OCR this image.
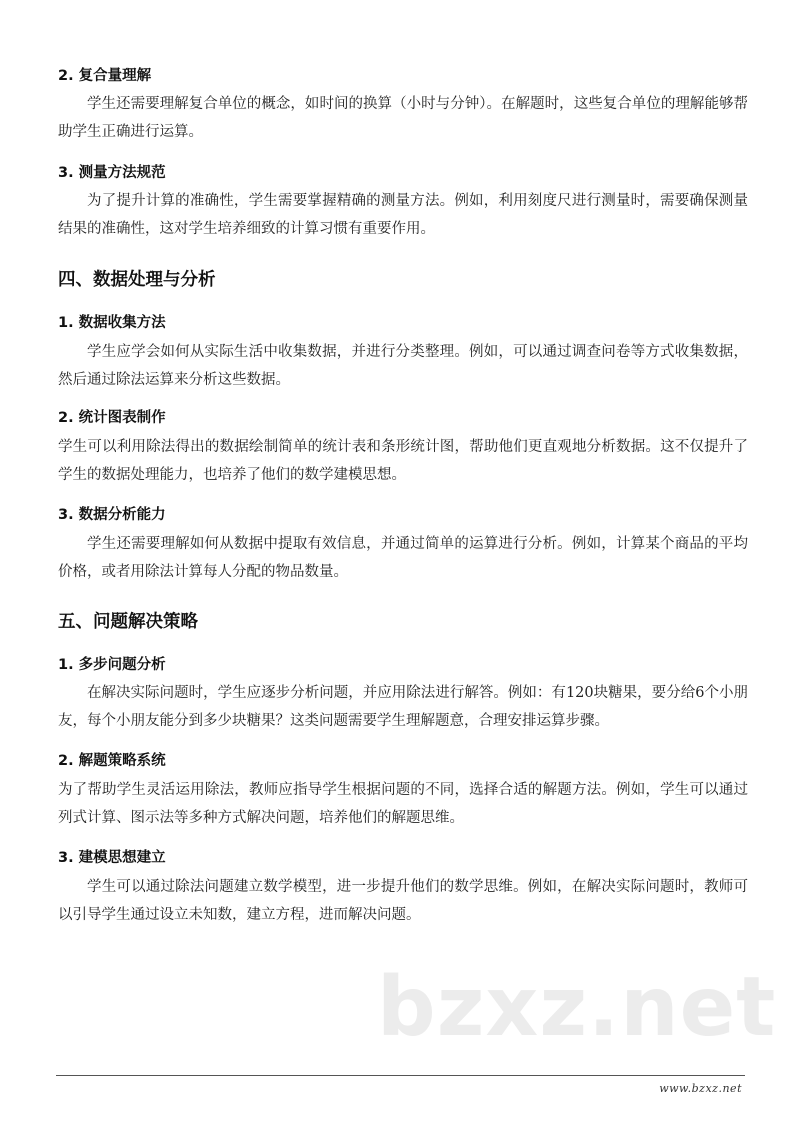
2. 复合量理解
学生还需要理解复合单位的概念，如时间的换算（小时与分钟）。在解题时，这些复合单位的理解能够帮助学生正确进行运算。
3. 测量方法规范
为了提升计算的准确性，学生需要掌握精确的测量方法。例如，利用刻度尺进行测量时，需要确保测量结果的准确性，这对学生培养细致的计算习惯有重要作用。
四、数据处理与分析
1. 数据收集方法
学生应学会如何从实际生活中收集数据，并进行分类整理。例如，可以通过调查问卷等方式收集数据，然后通过除法运算来分析这些数据。
2. 统计图表制作
学生可以利用除法得出的数据绘制简单的统计表和条形统计图，帮助他们更直观地分析数据。这不仅提升了学生的数据处理能力，也培养了他们的数学建模思想。
3. 数据分析能力
学生还需要理解如何从数据中提取有效信息，并通过简单的运算进行分析。例如，计算某个商品的平均价格，或者用除法计算每人分配的物品数量。
五、问题解决策略
1. 多步问题分析
在解决实际问题时，学生应逐步分析问题，并应用除法进行解答。例如：有120块糖果，要分给6个小朋友，每个小朋友能分到多少块糖果？这类问题需要学生理解题意，合理安排运算步骤。
2. 解题策略系统
为了帮助学生灵活运用除法，教师应指导学生根据问题的不同，选择合适的解题方法。例如，学生可以通过列式计算、图示法等多种方式解决问题，培养他们的解题思维。
3. 建模思想建立
学生可以通过除法问题建立数学模型，进一步提升他们的数学思维。例如，在解决实际问题时，教师可以引导学生通过设立未知数，建立方程，进而解决问题。
bzxz.net
www.bzxz.net
